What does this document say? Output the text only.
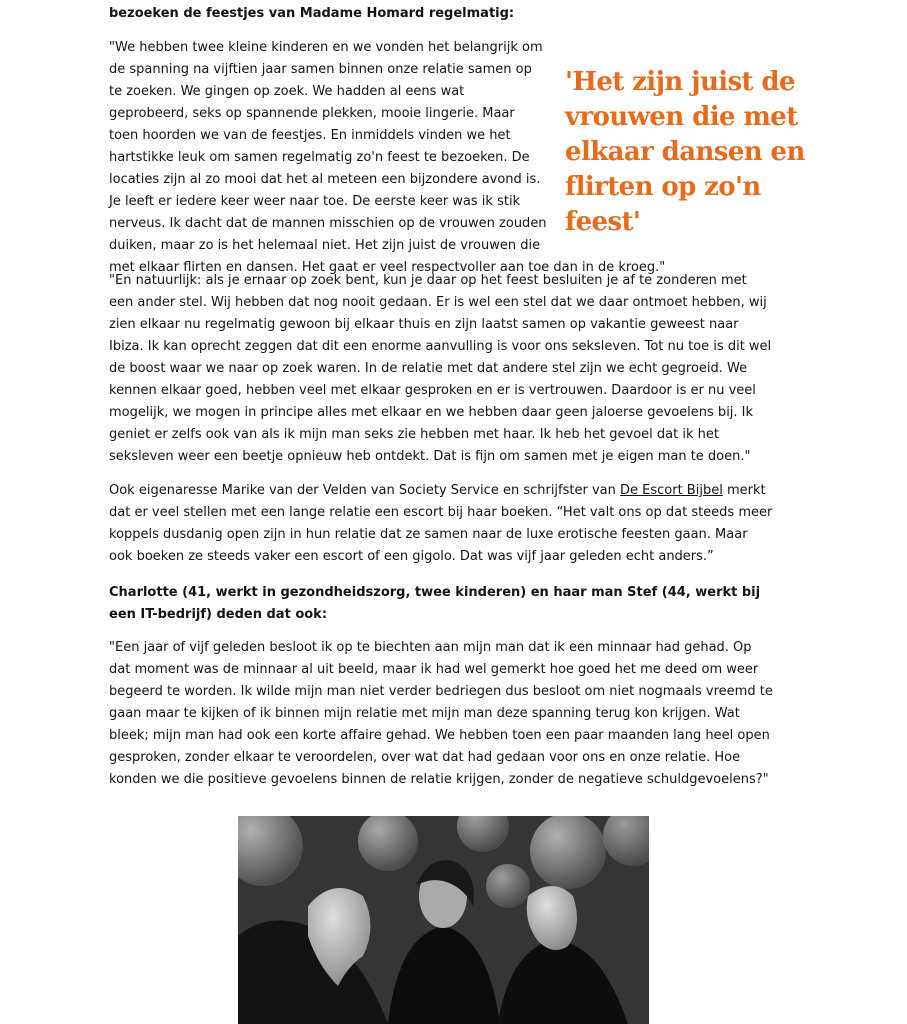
bezoeken de feestjes van Madame Homard regelmatig:

'Het zijn juist de vrouwen die met elkaar dansen en flirten op zo'n feest'

"We hebben twee kleine kinderen en we vonden het belangrijk om de spanning na vijftien jaar samen binnen onze relatie samen op te zoeken. We gingen op zoek. We hadden al eens wat geprobeerd, seks op spannende plekken, mooie lingerie. Maar toen hoorden we van de feestjes. En inmiddels vinden we het hartstikke leuk om samen regelmatig zo'n feest te bezoeken. De locaties zijn al zo mooi dat het al meteen een bijzondere avond is. Je leeft er iedere keer weer naar toe. De eerste keer was ik stik nerveus. Ik dacht dat de mannen misschien op de vrouwen zouden duiken, maar zo is het helemaal niet. Het zijn juist de vrouwen die met elkaar flirten en dansen. Het gaat er veel respectvoller aan toe dan in de kroeg."

"En natuurlijk: als je ernaar op zoek bent, kun je daar op het feest besluiten je af te zonderen met een ander stel. Wij hebben dat nog nooit gedaan. Er is wel een stel dat we daar ontmoet hebben, wij zien elkaar nu regelmatig gewoon bij elkaar thuis en zijn laatst samen op vakantie geweest naar Ibiza. Ik kan oprecht zeggen dat dit een enorme aanvulling is voor ons seksleven. Tot nu toe is dit wel de boost waar we naar op zoek waren. In de relatie met dat andere stel zijn we echt gegroeid. We kennen elkaar goed, hebben veel met elkaar gesproken en er is vertrouwen. Daardoor is er nu veel mogelijk, we mogen in principe alles met elkaar en we hebben daar geen jaloerse gevoelens bij. Ik geniet er zelfs ook van als ik mijn man seks zie hebben met haar. Ik heb het gevoel dat ik het seksleven weer een beetje opnieuw heb ontdekt. Dat is fijn om samen met je eigen man te doen."

Ook eigenaresse Marike van der Velden van Society Service en schrijfster van De Escort Bijbel merkt dat er veel stellen met een lange relatie een escort bij haar boeken. “Het valt ons op dat steeds meer koppels dusdanig open zijn in hun relatie dat ze samen naar de luxe erotische feesten gaan. Maar ook boeken ze steeds vaker een escort of een gigolo. Dat was vijf jaar geleden echt anders.”

Charlotte (41, werkt in gezondheidszorg, twee kinderen) en haar man Stef (44, werkt bij een IT-bedrijf) deden dat ook:

"Een jaar of vijf geleden besloot ik op te biechten aan mijn man dat ik een minnaar had gehad. Op dat moment was de minnaar al uit beeld, maar ik had wel gemerkt hoe goed het me deed om weer begeerd te worden. Ik wilde mijn man niet verder bedriegen dus besloot om niet nogmaals vreemd te gaan maar te kijken of ik binnen mijn relatie met mijn man deze spanning terug kon krijgen. Wat bleek; mijn man had ook een korte affaire gehad. We hebben toen een paar maanden lang heel open gesproken, zonder elkaar te veroordelen, over wat dat had gedaan voor ons en onze relatie. Hoe konden we die positieve gevoelens binnen de relatie krijgen, zonder de negatieve schuldgevoelens?"
